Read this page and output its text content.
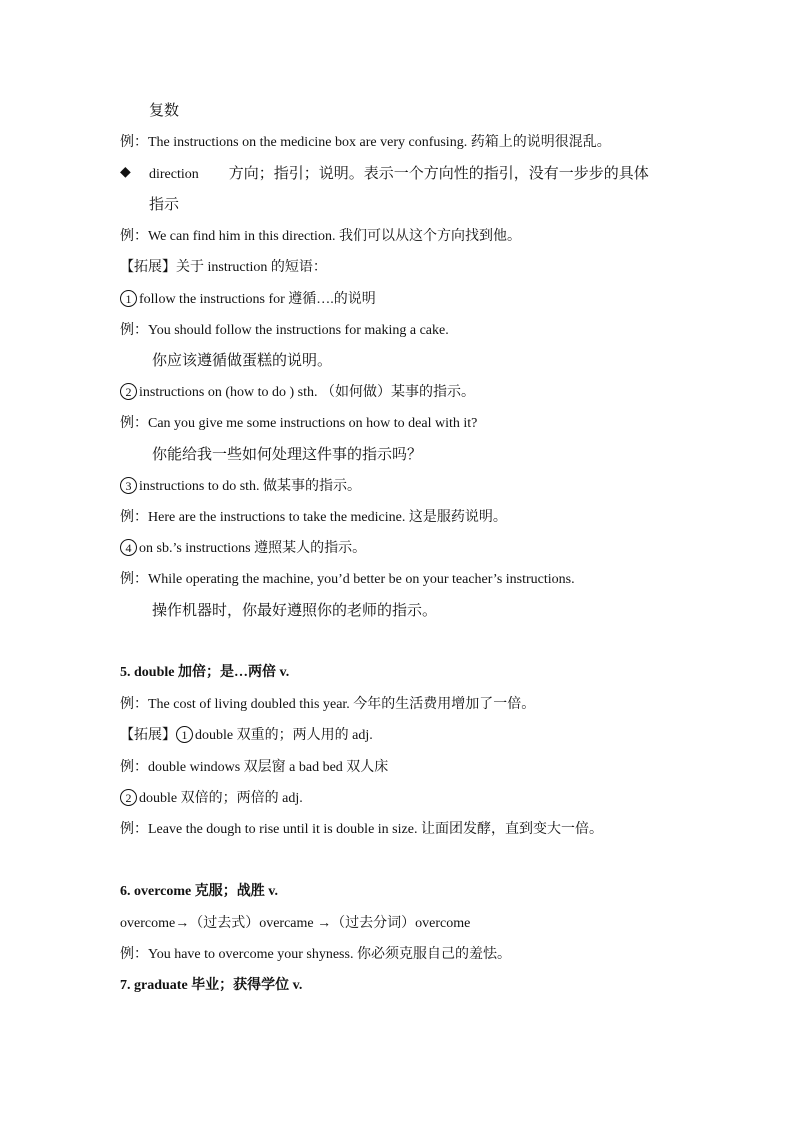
复数
例：The instructions on the medicine box are very confusing. 药箱上的说明很混乱。
◆ direction 方向；指引；说明。表示一个方向性的指引，没有一步步的具体
指示
例：We can find him in this direction. 我们可以从这个方向找到他。
【拓展】关于 instruction 的短语：
1 follow the instructions for 遵循….的说明
例：You should follow the instructions for making a cake.
你应该遵循做蛋糕的说明。
2 instructions on (how to do ) sth. （如何做）某事的指示。
例：Can you give me some instructions on how to deal with it?
你能给我一些如何处理这件事的指示吗？
3 instructions to do sth. 做某事的指示。
例：Here are the instructions to take the medicine. 这是服药说明。
4 on sb.’s instructions 遵照某人的指示。
例：While operating the machine, you’d better be on your teacher’s instructions.
操作机器时，你最好遵照你的老师的指示。
5. double 加倍；是…两倍 v.
例：The cost of living doubled this year. 今年的生活费用增加了一倍。
【拓展】 1 double 双重的；两人用的 adj.
例：double windows 双层窗 a bad bed 双人床
2 double 双倍的；两倍的 adj.
例：Leave the dough to rise until it is double in size. 让面团发酵，直到变大一倍。
6. overcome 克服；战胜 v.
overcome→（过去式）overcame →（过去分词）overcome
例：You have to overcome your shyness. 你必须克服自己的羞怯。
7. graduate 毕业；获得学位 v.
